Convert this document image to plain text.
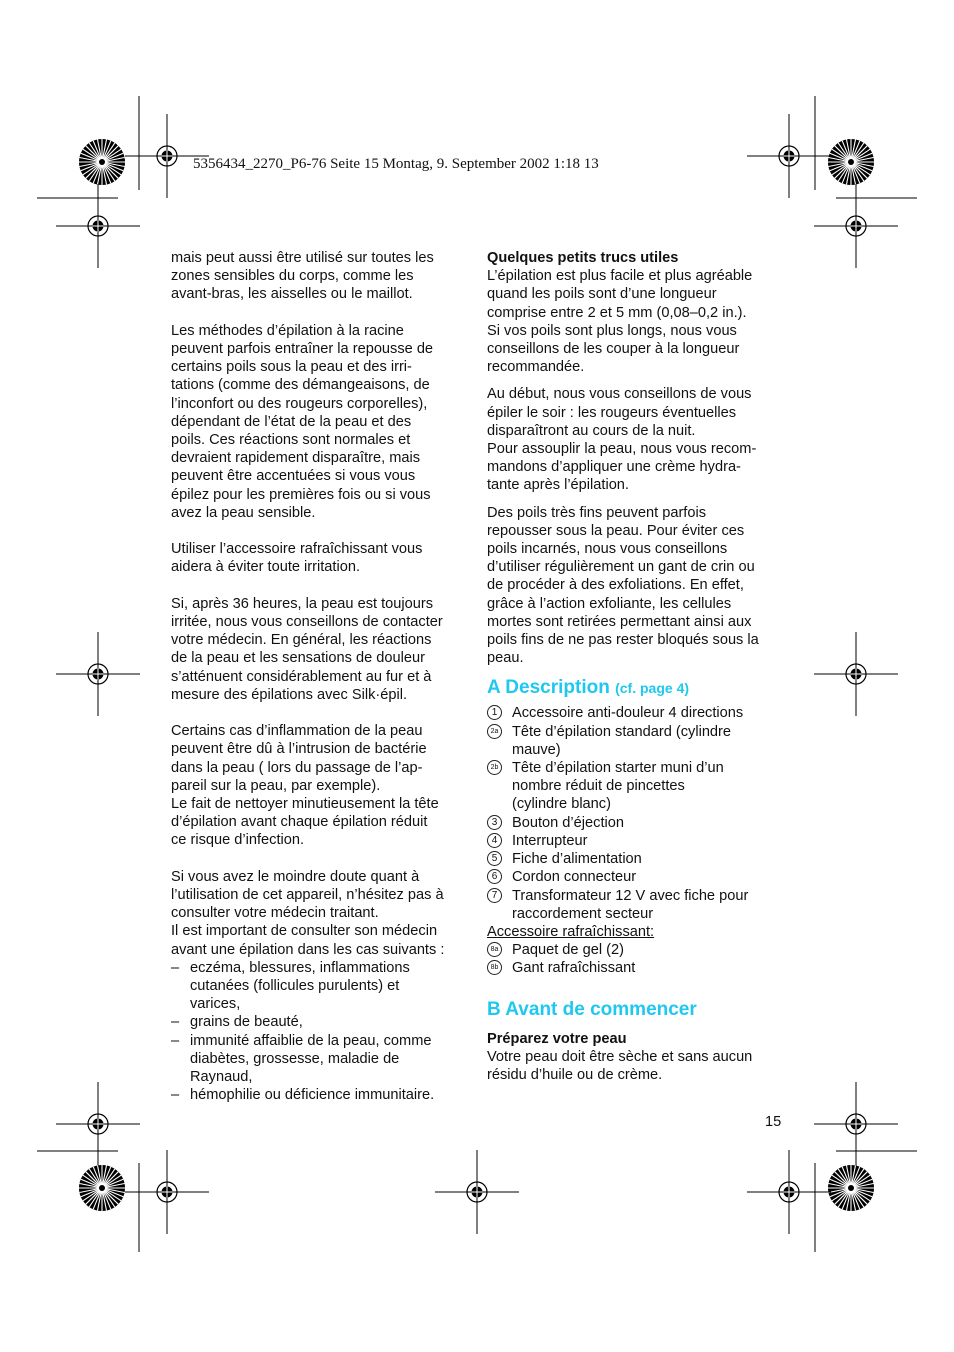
5356434_2270_P6-76 Seite 15 Montag, 9. September 2002 1:18 13

mais peut aussi être utilisé sur toutes les
zones sensibles du corps, comme les
avant-bras, les aisselles ou le maillot.

Les méthodes d’épilation à la racine
peuvent parfois entraîner la repousse de
certains poils sous la peau et des irri-
tations (comme des démangeaisons, de
l’inconfort ou des rougeurs corporelles),
dépendant de l’état de la peau et des
poils. Ces réactions sont normales et
devraient rapidement disparaître, mais
peuvent être accentuées si vous vous
épilez pour les premières fois ou si vous
avez la peau sensible.

Utiliser l’accessoire rafraîchissant vous
aidera à éviter toute irritation.

Si, après 36 heures, la peau est toujours
irritée, nous vous conseillons de contacter
votre médecin. En général, les réactions
de la peau et les sensations de douleur
s’atténuent considérablement au fur et à
mesure des épilations avec Silk·épil.

Certains cas d’inflammation de la peau
peuvent être dû à l’intrusion de bactérie
dans la peau ( lors du passage de l’ap-
pareil sur la peau, par exemple).
Le fait de nettoyer minutieusement la tête
d’épilation avant chaque épilation réduit
ce risque d’infection.

Si vous avez le moindre doute quant à
l’utilisation de cet appareil, n’hésitez pas à
consulter votre médecin traitant.
Il est important de consulter son médecin
avant une épilation dans les cas suivants :

– eczéma, blessures, inflammations
cutanées (follicules purulents) et
varices,
– grains de beauté,
– immunité affaiblie de la peau, comme
diabètes, grossesse, maladie de
Raynaud,
– hémophilie ou déficience immunitaire.

Quelques petits trucs utiles

L’épilation est plus facile et plus agréable
quand les poils sont d’une longueur
comprise entre 2 et 5 mm (0,08–0,2 in.).
Si vos poils sont plus longs, nous vous
conseillons de les couper à la longueur
recommandée.

Au début, nous vous conseillons de vous
épiler le soir : les rougeurs éventuelles
disparaîtront au cours de la nuit.
Pour assouplir la peau, nous vous recom-
mandons d’appliquer une crème hydra-
tante après l’épilation.

Des poils très fins peuvent parfois
repousser sous la peau. Pour éviter ces
poils incarnés, nous vous conseillons
d’utiliser régulièrement un gant de crin ou
de procéder à des exfoliations. En effet,
grâce à l’action exfoliante, les cellules
mortes sont retirées permettant ainsi aux
poils fins de ne pas rester bloqués sous la
peau.

A Description (cf. page 4)

1	Accessoire anti-douleur 4 directions
2a Tête d’épilation standard (cylindre
mauve)
2b Tête d’épilation starter muni d’un
nombre réduit de pincettes
(cylindre blanc)
3	Bouton d’éjection
4	Interrupteur
5	Fiche d’alimentation
6	Cordon connecteur
7	Transformateur 12 V avec fiche pour
raccordement secteur

Accessoire rafraîchissant:

8a Paquet de gel (2)
8b Gant rafraîchissant

B Avant de commencer

Préparez votre peau

Votre peau doit être sèche et sans aucun
résidu d’huile ou de crème.

15
